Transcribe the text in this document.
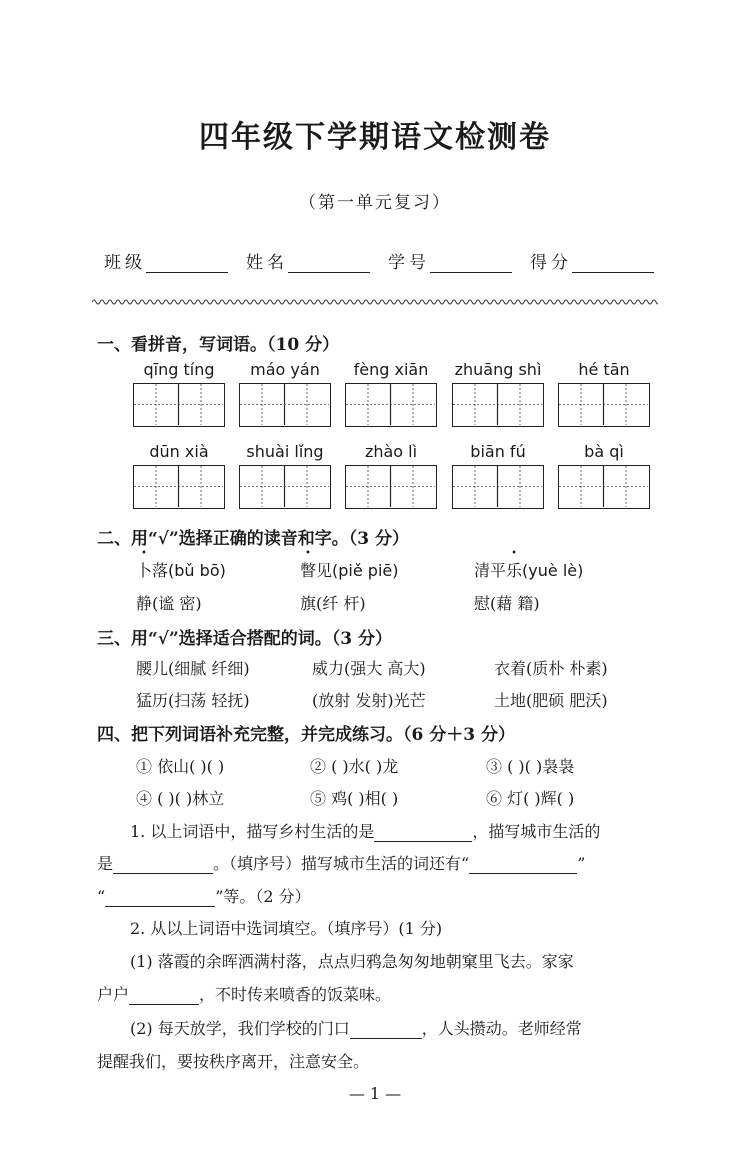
四年级下学期语文检测卷
（第一单元复习）
班级	姓名	学号	得分
一、看拼音，写词语。（10 分）
qīng tíng	máo yán	fèng xiān	zhuāng shì	hé tān
dūn xià	shuài lǐng	zhào lì	biān fú	bà qì
二、用“√”选择正确的读音和字。（3 分）
卜落(bǔ bō)	瞥见(piě piē)	清平乐(yuè lè)
静(谧 密)	旗(纤 杆)	慰(藉 籍)
三、用“√”选择适合搭配的词。（3 分）
腰儿(细腻 纤细)	威力(强大 高大)	衣着(质朴 朴素)
猛历(扫荡 轻抚)	(放射 发射)光芒	土地(肥硕 肥沃)
四、把下列词语补充完整，并完成练习。（6 分＋3 分）
① 依山( )( )	② ( )水( )龙	③ ( )( )袅袅
④ ( )( )林立	⑤ 鸡( )相( )	⑥ 灯( )辉( )
1. 以上词语中，描写乡村生活的是	，描写城市生活的
是	。（填序号）描写城市生活的词还有“	”
“	”等。（2 分）
2. 从以上词语中选词填空。（填序号）(1 分)
(1) 落霞的余晖洒满村落，点点归鸦急匆匆地朝窠里飞去。家家
户户	，不时传来喷香的饭菜味。
(2) 每天放学，我们学校的门口	，人头攒动。老师经常
提醒我们，要按秩序离开，注意安全。
— 1 —
